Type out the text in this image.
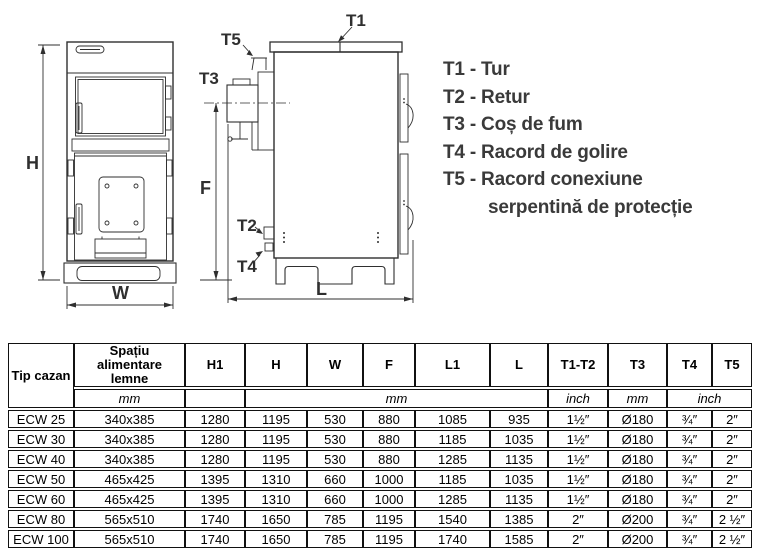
H
W
F
L
T1
T5
T3
T2
T4
T1 - Tur
T2 - Retur
T3 - Coș de fum
T4 - Racord de golire
T5 - Racord conexiune
serpentină de protecție
Tip cazan	Spațiu alimentare lemne	H1	H	W	F	L1	L	T1-T2	T3	T4	T5
	mm		mm					inch	mm	inch	
ECW 25	340x385	1280	1195	530	880	1085	935	1½″	Ø180	¾″	2″
ECW 30	340x385	1280	1195	530	880	1185	1035	1½″	Ø180	¾″	2″
ECW 40	340x385	1280	1195	530	880	1285	1135	1½″	Ø180	¾″	2″
ECW 50	465x425	1395	1310	660	1000	1185	1035	1½″	Ø180	¾″	2″
ECW 60	465x425	1395	1310	660	1000	1285	1135	1½″	Ø180	¾″	2″
ECW 80	565x510	1740	1650	785	1195	1540	1385	2″	Ø200	¾″	2 ½″
ECW 100	565x510	1740	1650	785	1195	1740	1585	2″	Ø200	¾″	2 ½″
